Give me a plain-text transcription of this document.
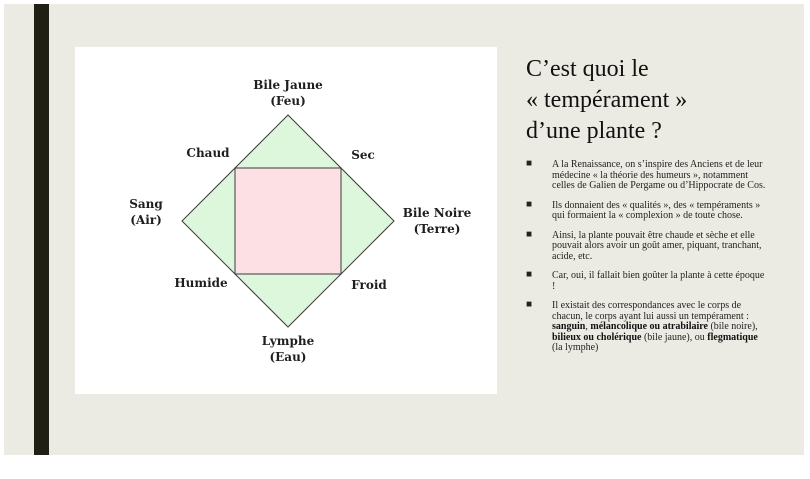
Bile Jaune
(Feu)
Sang
(Air)	Bile Noire
(Terre)
Lymphe
(Eau)
Chaud	Sec
Humide	Froid
C’est quoi le
« tempérament »
d’une plante ?
■ A la Renaissance, on s’inspire des Anciens et de leur médecine « la théorie des humeurs », notamment celles de Galien de Pergame ou d’Hippocrate de Cos.
■ Ils donnaient des « qualités », des « tempéraments » qui formaient la « complexion » de toute chose.
■ Ainsi, la plante pouvait être chaude et sèche et elle pouvait alors avoir un goût amer, piquant, tranchant, acide, etc.
■ Car, oui, il fallait bien goûter la plante à cette époque !
■ Il existait des correspondances avec le corps de chacun, le corps ayant lui aussi un tempérament : sanguin, mélancolique ou atrabilaire (bile noire), bilieux ou cholérique (bile jaune), ou flegmatique (la lymphe)
